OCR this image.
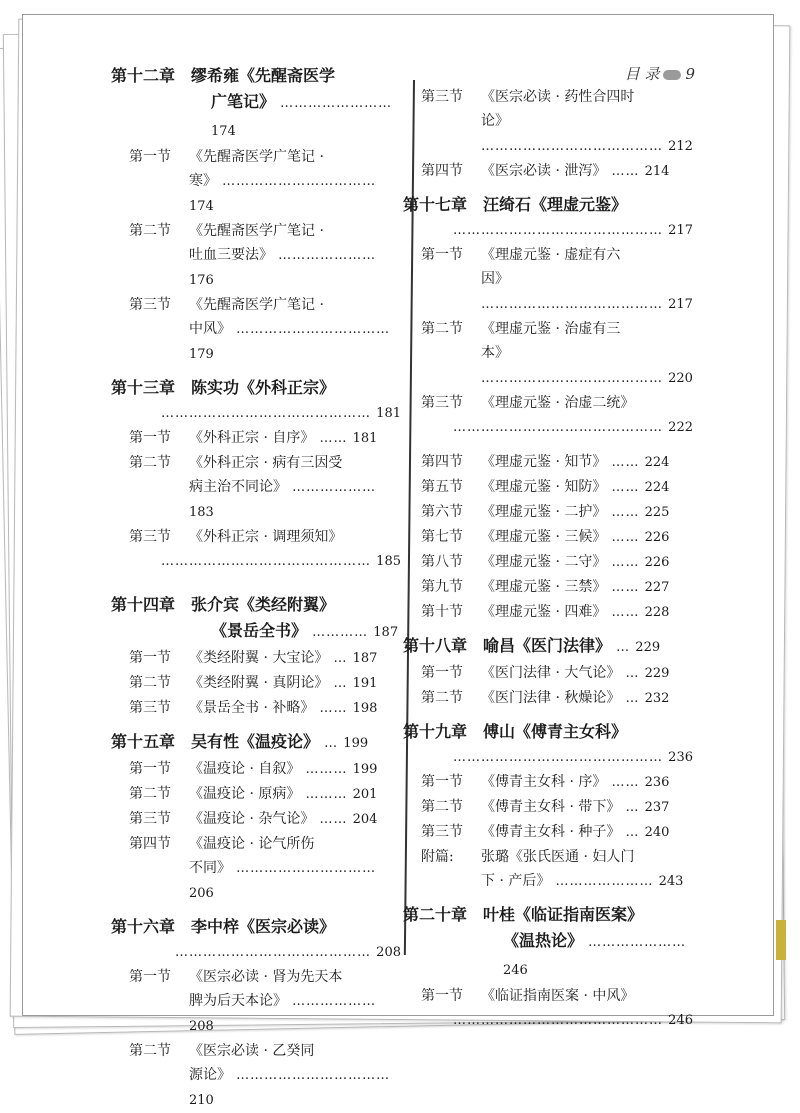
目 录 9
第十二章 缪希雍《先醒斋医学
广笔记》 …………………… 174
第一节	《先醒斋医学广笔记 ·
寒》 …………………………… 174
第二节	《先醒斋医学广笔记 ·
吐血三要法》 ………………… 176
第三节	《先醒斋医学广笔记 ·
中风》 …………………………… 179
第十三章 陈实功《外科正宗》
……………………………………… 181
第一节	《外科正宗 · 自序》 …… 181
第二节	《外科正宗 · 病有三因受
病主治不同论》 ……………… 183
第三节	《外科正宗 · 调理须知》
……………………………………… 185
第十四章 张介宾《类经附翼》
《景岳全书》 ………… 187
第一节	《类经附翼 · 大宝论》 … 187
第二节	《类经附翼 · 真阴论》 … 191
第三节	《景岳全书 · 补略》 …… 198
第十五章 吴有性《温疫论》 … 199
第一节	《温疫论 · 自叙》 ……… 199
第二节	《温疫论 · 原病》 ……… 201
第三节	《温疫论 · 杂气论》 …… 204
第四节	《温疫论 · 论气所伤
不同》 ………………………… 206
第十六章 李中梓《医宗必读》
…………………………………… 208
第一节	《医宗必读 · 肾为先天本
脾为后天本论》 ……………… 208
第二节	《医宗必读 · 乙癸同
源论》 …………………………… 210
第三节	《医宗必读 · 药性合四时
论》 ………………………………… 212
第四节	《医宗必读 · 泄泻》 …… 214
第十七章 汪绮石《理虚元鉴》
……………………………………… 217
第一节	《理虚元鉴 · 虚症有六
因》 ………………………………… 217
第二节	《理虚元鉴 · 治虚有三
本》 ………………………………… 220
第三节	《理虚元鉴 · 治虚二统》
……………………………………… 222
第四节	《理虚元鉴 · 知节》 …… 224
第五节	《理虚元鉴 · 知防》 …… 224
第六节	《理虚元鉴 · 二护》 …… 225
第七节	《理虚元鉴 · 三候》 …… 226
第八节	《理虚元鉴 · 二守》 …… 226
第九节	《理虚元鉴 · 三禁》 …… 227
第十节	《理虚元鉴 · 四难》 …… 228
第十八章 喻昌《医门法律》 … 229
第一节	《医门法律 · 大气论》 … 229
第二节	《医门法律 · 秋燥论》 … 232
第十九章 傅山《傅青主女科》
……………………………………… 236
第一节	《傅青主女科 · 序》 …… 236
第二节	《傅青主女科 · 带下》 … 237
第三节	《傅青主女科 · 种子》 … 240
附篇:	张璐《张氏医通 · 妇人门
下 · 产后》 ………………… 243
第二十章 叶桂《临证指南医案》
《温热论》 ………………… 246
第一节	《临证指南医案 · 中风》
……………………………………… 246
